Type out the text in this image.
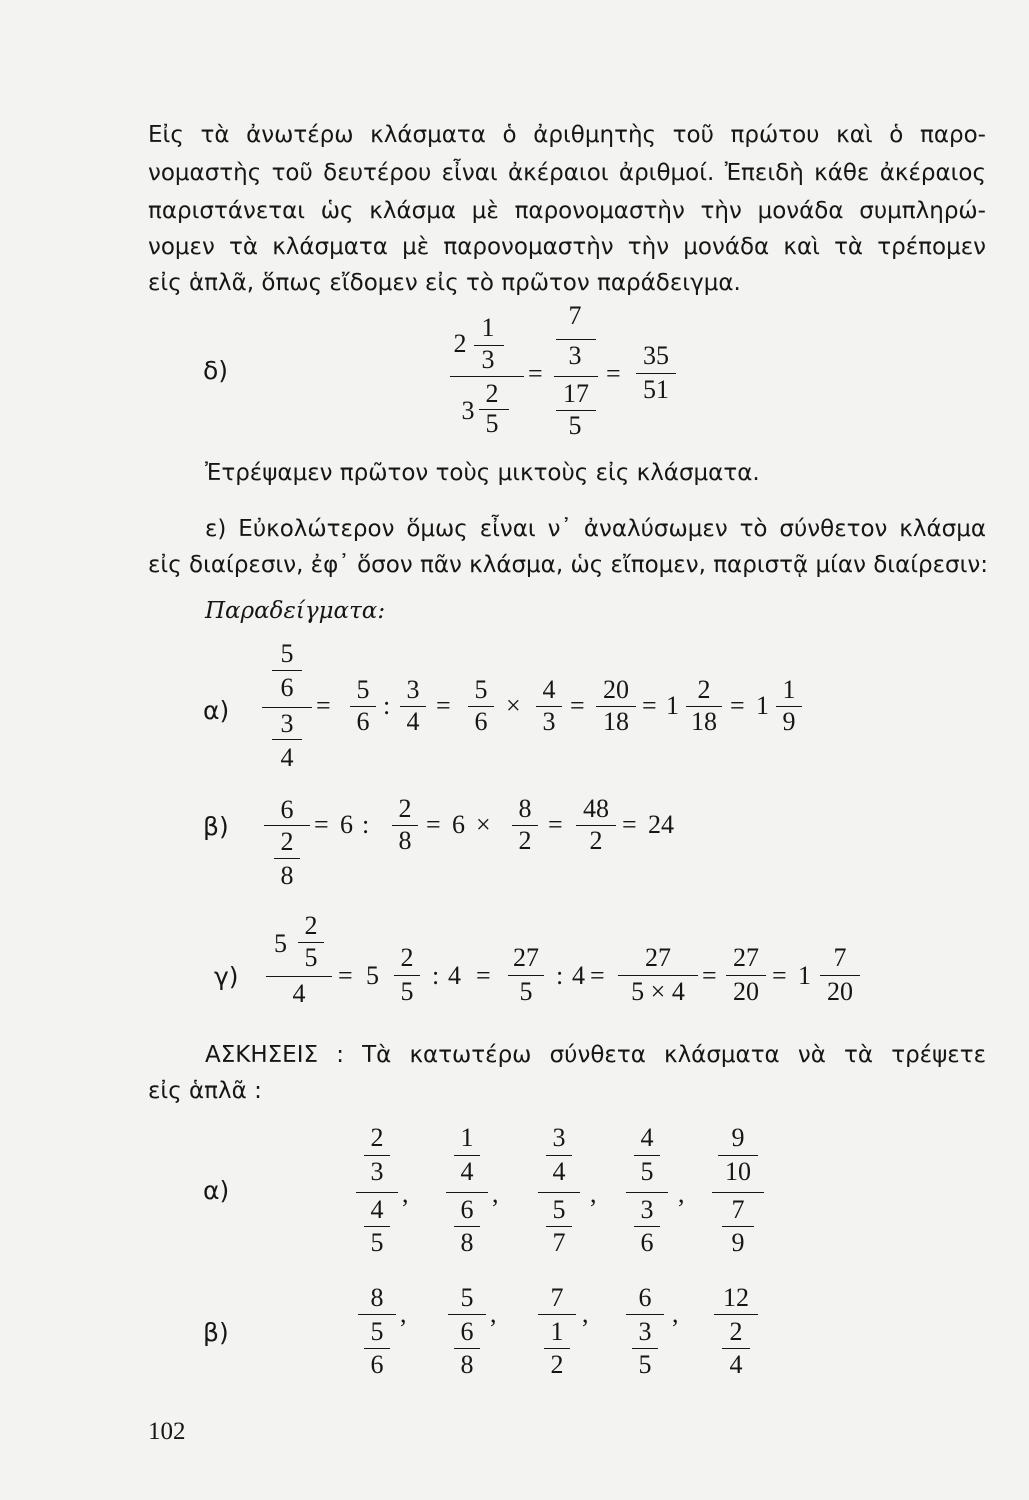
Εἰς τὰ ἀνωτέρω κλάσματα ὁ ἀριθμητὴς τοῦ πρώτου καὶ ὁ παρο-
νομαστὴς τοῦ δευτέρου εἶναι ἀκέραιοι ἀριθμοί. Ἐπειδὴ κάθε ἀκέραιος
παριστάνεται ὡς κλάσμα μὲ παρονομαστὴν τὴν μονάδα συμπληρώ-
νομεν τὰ κλάσματα μὲ παρονομαστὴν τὴν μονάδα καὶ τὰ τρέπομεν
εἰς ἁπλᾶ, ὅπως εἴδομεν εἰς τὸ πρῶτον παράδειγμα.
δ)
2
1
3
3
2
5
=
7
3
17
5
=
35
51
Ἐτρέψαμεν πρῶτον τοὺς μικτοὺς εἰς κλάσματα.
ε) Εὐκολώτερον ὅμως εἶναι ν᾽ ἀναλύσωμεν τὸ σύνθετον κλάσμα
εἰς διαίρεσιν, ἐφ᾽ ὅσον πᾶν κλάσμα, ὡς εἴπομεν, παριστᾷ μίαν διαίρεσιν:
Παραδείγματα:
α)
5
6
3
4
=
5
6
:
3
4
=
5
6
×
4
3
=
20
18
= 1
2
18
= 1
1
9
β)
6
2
8
= 6 :
2
8
= 6 ×
8
2
=
48
2
= 24
γ)
5
2
5
4
= 5
2
5
: 4 =
27
5
: 4 =
27
5 × 4
=
27
20
= 1
7
20
ΑΣΚΗΣΕΙΣ : Τὰ κατωτέρω σύνθετα κλάσματα νὰ τὰ τρέψετε
εἰς ἁπλᾶ :
α)
2
3
4
5
,
1
4
6
8
,
3
4
5
7
,
4
5
3
6
,
9
10
7
9
β)
8
5
6
,
5
6
8
,
7
1
2
,
6
3
5
,
12
2
4
102
